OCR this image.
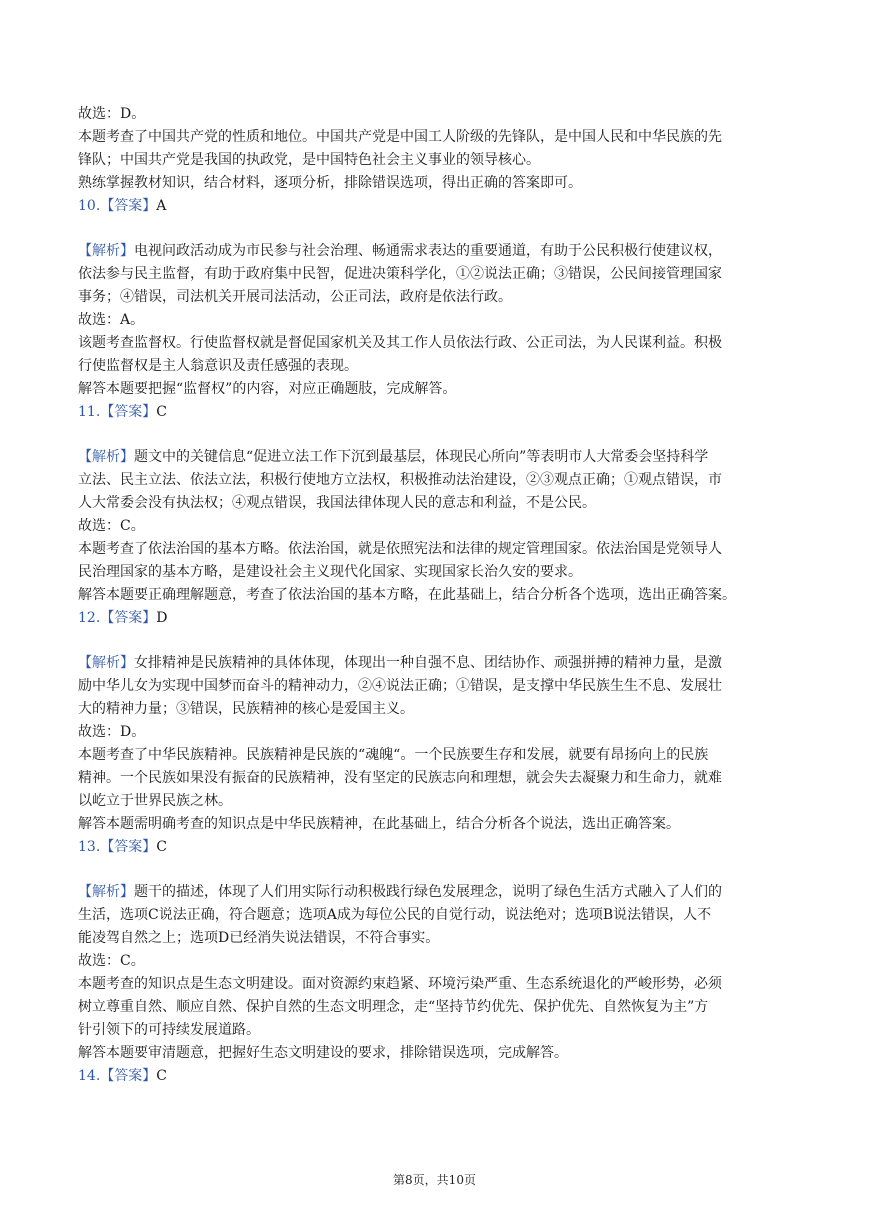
故选：D。

本题考查了中国共产党的性质和地位。中国共产党是中国工人阶级的先锋队，是中国人民和中华民族的先

锋队；中国共产党是我国的执政党，是中国特色社会主义事业的领导核心。

熟练掌握教材知识，结合材料，逐项分析，排除错误选项，得出正确的答案即可。

10.【答案】A

【解析】电视问政活动成为市民参与社会治理、畅通需求表达的重要通道，有助于公民积极行使建议权，

依法参与民主监督，有助于政府集中民智，促进决策科学化，①②说法正确；③错误，公民间接管理国家

事务；④错误，司法机关开展司法活动，公正司法，政府是依法行政。

故选：A。

该题考查监督权。行使监督权就是督促国家机关及其工作人员依法行政、公正司法，为人民谋利益。积极

行使监督权是主人翁意识及责任感强的表现。

解答本题要把握“监督权”的内容，对应正确题肢，完成解答。

11.【答案】C

【解析】题文中的关键信息“促进立法工作下沉到最基层，体现民心所向”等表明市人大常委会坚持科学

立法、民主立法、依法立法，积极行使地方立法权，积极推动法治建设，②③观点正确；①观点错误，市

人大常委会没有执法权；④观点错误，我国法律体现人民的意志和利益，不是公民。

故选：C。

本题考查了依法治国的基本方略。依法治国，就是依照宪法和法律的规定管理国家。依法治国是党领导人

民治理国家的基本方略，是建设社会主义现代化国家、实现国家长治久安的要求。

解答本题要正确理解题意，考查了依法治国的基本方略，在此基础上，结合分析各个选项，选出正确答案。

12.【答案】D

【解析】女排精神是民族精神的具体体现，体现出一种自强不息、团结协作、顽强拼搏的精神力量，是激

励中华儿女为实现中国梦而奋斗的精神动力，②④说法正确；①错误，是支撑中华民族生生不息、发展壮

大的精神力量；③错误，民族精神的核心是爱国主义。

故选：D。

本题考查了中华民族精神。民族精神是民族的“魂魄“。一个民族要生存和发展，就要有昂扬向上的民族

精神。一个民族如果没有振奋的民族精神，没有坚定的民族志向和理想，就会失去凝聚力和生命力，就难

以屹立于世界民族之林。

解答本题需明确考查的知识点是中华民族精神，在此基础上，结合分析各个说法，选出正确答案。

13.【答案】C

【解析】题干的描述，体现了人们用实际行动积极践行绿色发展理念，说明了绿色生活方式融入了人们的

生活，选项C说法正确，符合题意；选项A成为每位公民的自觉行动，说法绝对；选项B说法错误，人不

能凌驾自然之上；选项D已经消失说法错误，不符合事实。

故选：C。

本题考查的知识点是生态文明建设。面对资源约束趋紧、环境污染严重、生态系统退化的严峻形势，必须

树立尊重自然、顺应自然、保护自然的生态文明理念，走“坚持节约优先、保护优先、自然恢复为主”方

针引领下的可持续发展道路。

解答本题要审清题意，把握好生态文明建设的要求，排除错误选项，完成解答。

14.【答案】C

第8页，共10页
